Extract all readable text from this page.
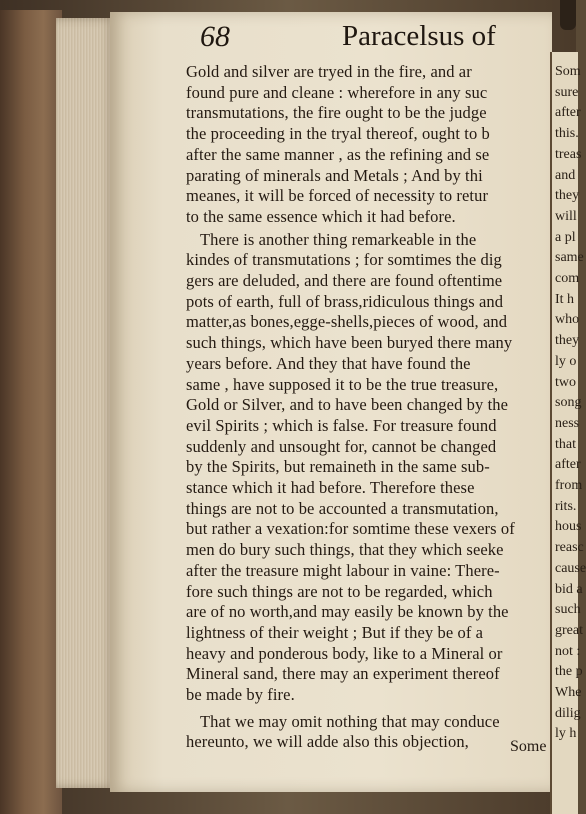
68	Paracelsus of
Gold and silver are tryed in the fire, and ar
found pure and cleane : wherefore in any suc
transmutations, the fire ought to be the judge
the proceeding in the tryal thereof, ought to b
after the same manner , as the refining and se
parating of minerals and Metals ; And by thi
meanes, it will be forced of necessity to retur
to the same essence which it had before.
There is another thing remarkeable in the
kindes of transmutations ; for somtimes the dig
gers are deluded, and there are found oftentime
pots of earth, full of brass,ridiculous things and
matter,as bones,egge-shells,pieces of wood, and
such things, which have been buryed there many
years before. And they that have found the
same , have supposed it to be the true treasure,
Gold or Silver, and to have been changed by the
evil Spirits ; which is false. For treasure found
suddenly and unsought for, cannot be changed
by the Spirits, but remaineth in the same sub-
stance which it had before. Therefore these
things are not to be accounted a transmutation,
but rather a vexation:for somtime these vexers of
men do bury such things, that they which seeke
after the treasure might labour in vaine: There-
fore such things are not to be regarded, which
are of no worth,and may easily be known by the
lightness of their weight ; But if they be of a
heavy and ponderous body, like to a Mineral or
Mineral sand, there may an experiment thereof
be made by fire.
That we may omit nothing that may conduce
hereunto, we will adde also this objection,	Some
Som
sure
after
this.
treas
and
they
will
a pl
same
com
It h
who
they
ly o
two
song
ness
that
after
from
rits.
hous
reasc
cause
bid a
such
great
not :
the p
Whe
dilig
ly h
